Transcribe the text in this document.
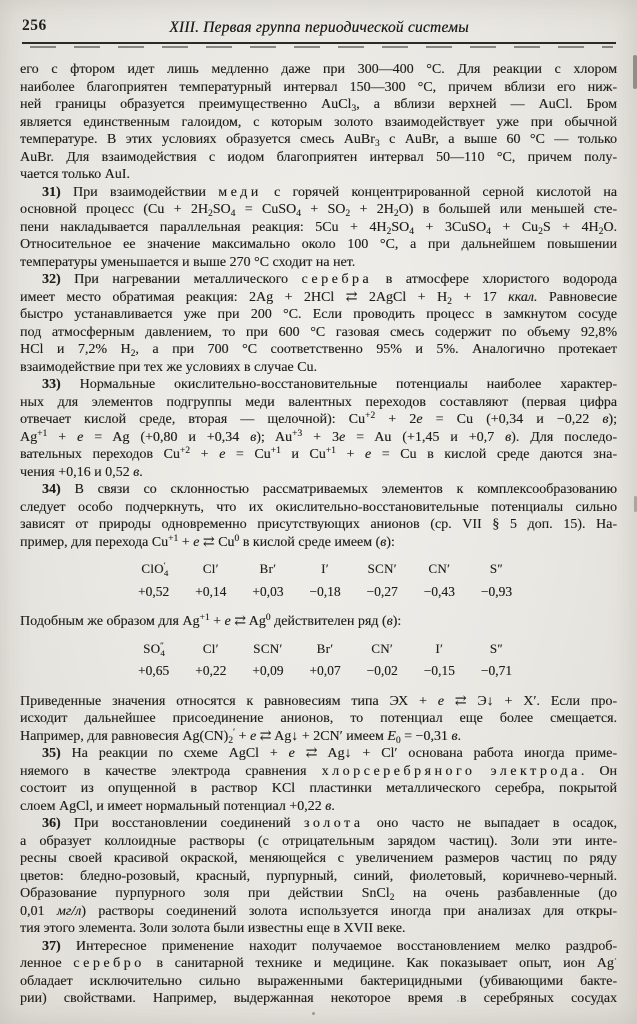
256	XIII. Первая группа периодической системы
его с фтором идет лишь медленно даже при 300—400 °C. Для реакции с хлором
наиболее благоприятен температурный интервал 150—300 °C, причем вблизи его ниж-
ней границы образуется преимущественно AuCl$_3$, а вблизи верхней — AuCl. Бром
является единственным галоидом, с которым золото взаимодействует уже при обычной
температуре. В этих условиях образуется смесь AuBr$_3$ с AuBr, а выше 60 °C — только
AuBr. Для взаимодействия с иодом благоприятен интервал 50—110 °C, причем полу-
чается только AuI.
31) При взаимодействии меди с горячей концентрированной серной кислотой на
основной процесс ($Cu + 2H_2SO_4$ = CuSO$_4$ + $SO_2 + 2H_2O$) в большей или меньшей сте-
пени накладывается параллельная реакция: $5Cu + 4H_2SO_4$ + 3CuSO$_4$ + $Cu_2S + 4H_2O$.
Относительное ее значение максимально около 100 °C, а при дальнейшем повышении
температуры уменьшается и выше 270 °C сходит на нет.
32) При нагревании металлического серебра в атмосфере хлористого водорода
имеет место обратимая реакция: 2Ag + 2HCl ⇄ 2AgCl + $H_2 + 17$ ккал. Равновесие
быстро устанавливается уже при 200 °C. Если проводить процесс в замкнутом сосуде
под атмосферным давлением, то при 600 °C газовая смесь содержит по объему 92,8%
HCl и 7,2% $H_2$, а при 700 °C соответственно 95% и 5%. Аналогично протекает
взаимодействие при тех же условиях в случае Cu.
33) Нормальные окислительно-восстановительные потенциалы наиболее характер-
ных для элементов подгруппы меди валентных переходов составляют (первая цифра
отвечает кислой среде, вторая — щелочной): $Cu^{+2} + 2e = Cu$ (+0,34 и −0,22 в);
$Ag^{+1} + e = Ag$ (+0,80 и +0,34 в); $Au^{+3} + 3e = Au$ (+1,45 и +0,7 в). Для последо-
вательных переходов $Cu^{+2} + e = Cu^{+1}$ и $Cu^{+1} + e = Cu$ в кислой среде даются зна-
чения +0,16 и 0,52 в.
34) В связи со склонностью рассматриваемых элементов к комплексообразованию
следует особо подчеркнуть, что их окислительно-восстановительные потенциалы сильно
зависят от природы одновременно присутствующих анионов (ср. VII § 5 доп. 15). На-
пример, для перехода $Cu^{+1} + e$ ⇄ Cu$^0$ в кислой среде имеем (в):
ClO$_4$′
+0,52
Cl′
+0,14
Br′
+0,03
I′
−0,18
SCN′
−0,27
CN′
−0,43
S″
−0,93
Подобным же образом для $Ag^{+1} + e$ ⇄ Ag$^0$ действителен ряд (в):
$SO_4''$
+0,65
Cl′
+0,22
SCN′
+0,09
Br′
+0,07
CN′
−0,02
I′
−0,15
S″
−0,71
Приведенные значения относятся к равновесиям типа ЭХ + e ⇄ Э↓ + X′. Если про-
исходит дальнейшее присоединение анионов, то потенциал еще более смещается.
Например, для равновесия $Ag(CN)_2' + e$ ⇄ Ag↓ + 2CN′ имеем $E_0 = -0,31$ в.
35) На реакции по схеме AgCl + e ⇄ Ag↓ + Cl′ основана работа иногда приме-
няемого в качестве электрода сравнения хлорсеребряного электрода. Он
состоит из опущенной в раствор KCl пластинки металлического серебра, покрытой
слоем AgCl, и имеет нормальный потенциал +0,22 в.
36) При восстановлении соединений золота оно часто не выпадает в осадок,
а образует коллоидные растворы (с отрицательным зарядом частиц). Золи эти инте-
ресны своей красивой окраской, меняющейся с увеличением размеров частиц по ряду
цветов: бледно-розовый, красный, пурпурный, синий, фиолетовый, коричнево-черный.
Образование пурпурного золя при действии SnCl$_2$ на очень разбавленные (до
0,01 мг/л) растворы соединений золота используется иногда при анализах для откры-
тия этого элемента. Золи золота были известны еще в XVII веке.
37) Интересное применение находит получаемое восстановлением мелко раздроб-
ленное серебро в санитарной технике и медицине. Как показывает опыт, ион Ag·
обладает исключительно сильно выраженными бактерицидными (убивающими бакте-
рии) свойствами. Например, выдержанная некоторое время в серебряных сосудах
